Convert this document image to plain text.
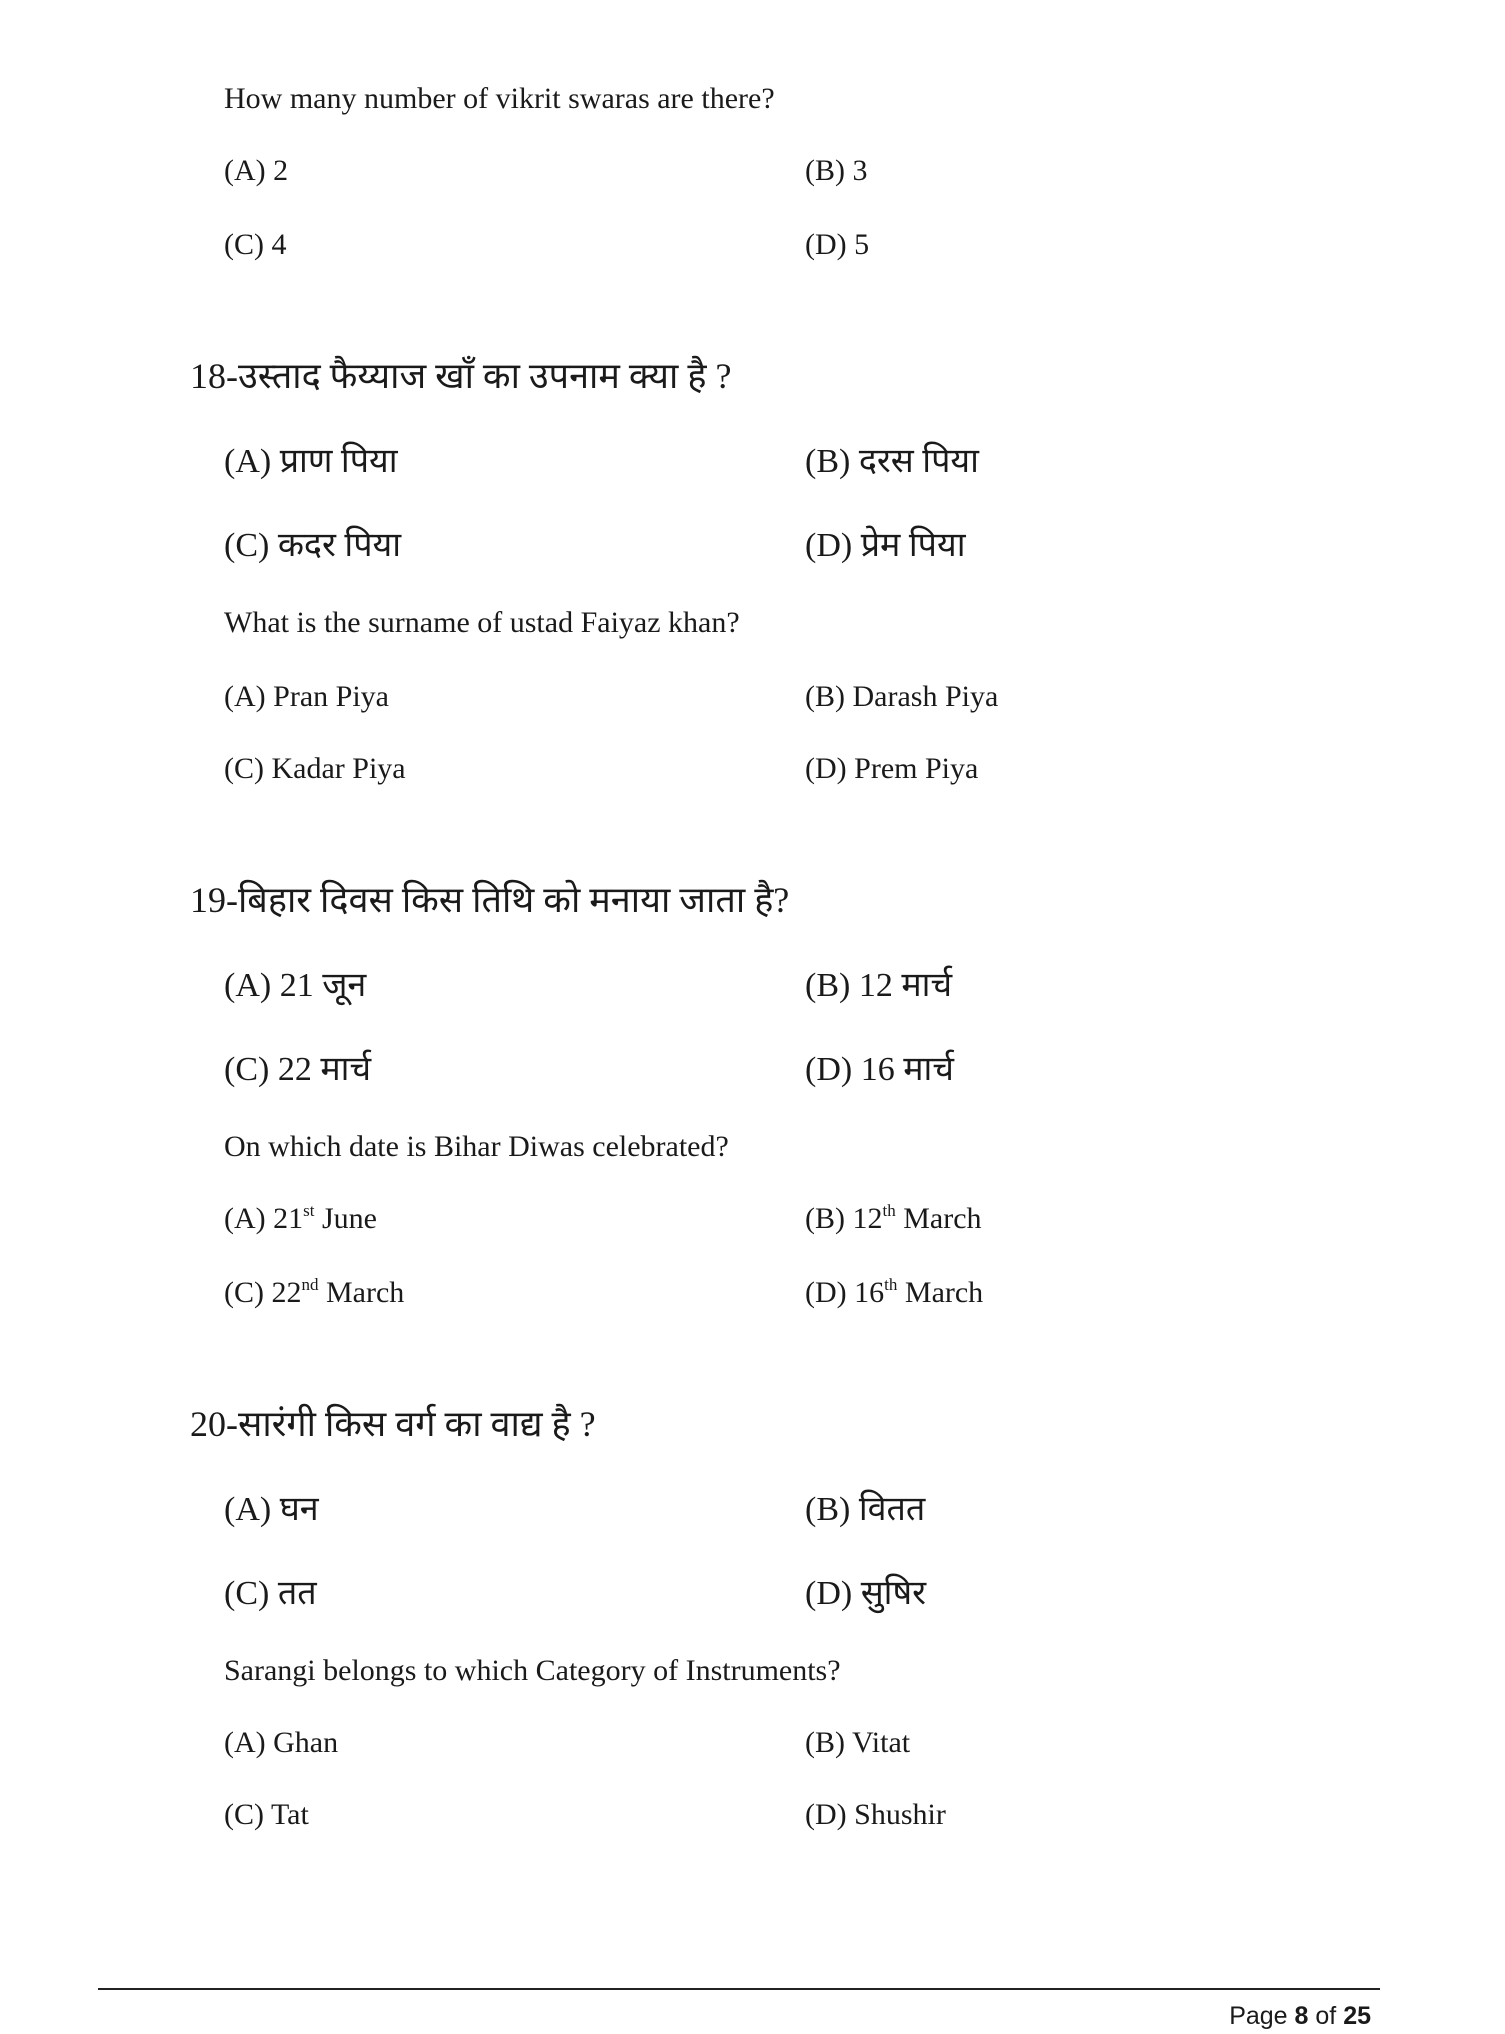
How many number of vikrit swaras are there?
(A) 2	(B) 3
(C) 4	(D) 5
18-उस्ताद फैय्याज खाँ का उपनाम क्या है ?
(A) प्राण पिया	(B) दरस पिया
(C) कदर पिया	(D) प्रेम पिया
What is the surname of ustad Faiyaz khan?
(A) Pran Piya	(B) Darash Piya
(C) Kadar Piya	(D) Prem Piya
19-बिहार दिवस किस तिथि को मनाया जाता है?
(A) 21 जून	(B) 12 मार्च
(C) 22 मार्च	(D) 16 मार्च
On which date is Bihar Diwas celebrated?
(A) 21st June	(B) 12th March
(C) 22nd March	(D) 16th March
20-सारंगी किस वर्ग का वाद्य है ?
(A) घन	(B) वितत
(C) तत	(D) सुषिर
Sarangi belongs to which Category of Instruments?
(A) Ghan	(B) Vitat
(C) Tat	(D) Shushir
Page 8 of 25
